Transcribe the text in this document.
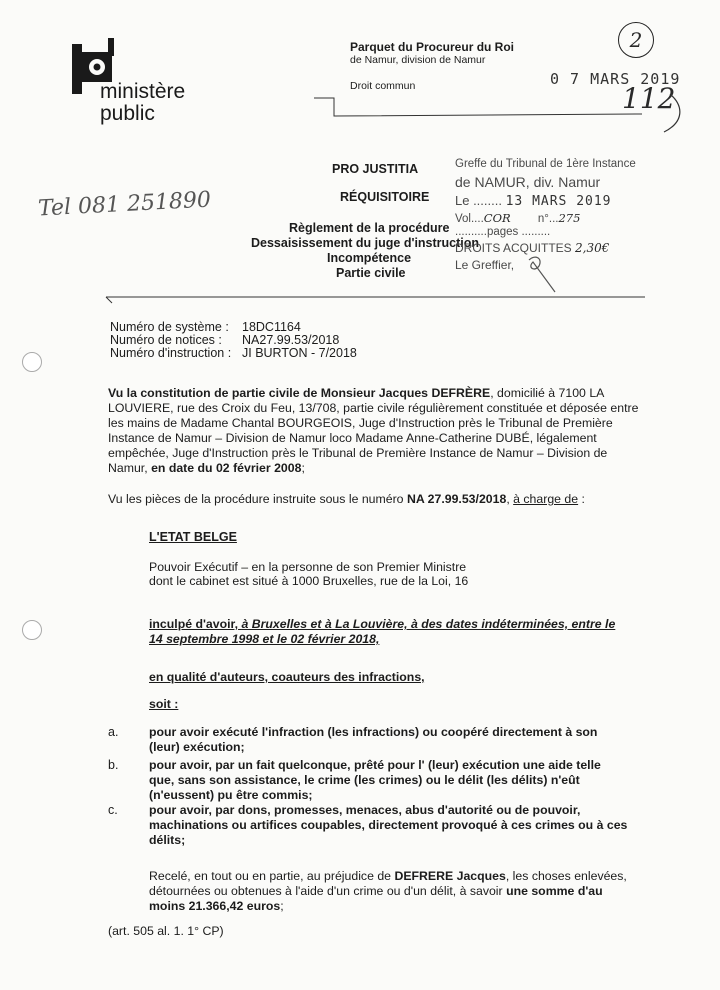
ministère
public
Parquet du Procureur du Roi
de Namur, division de Namur
Droit commun	0 7 MARS 2019
2
112
Tel 081 251890
PRO JUSTITIA
RÉQUISITOIRE
Règlement de la procédure
Dessaisissement du juge d'instruction
Incompétence
Partie civile
Greffe du Tribunal de 1ère Instance
de NAMUR, div. Namur
Le ........ 13 MARS 2019
Vol....COR n°...275
..........pages .........
DROITS ACQUITTES 2,30€
Le Greffier,
Numéro de système : 18DC1164
Numéro de notices : NA27.99.53/2018
Numéro d'instruction : JI BURTON - 7/2018
Vu la constitution de partie civile de Monsieur Jacques DEFRÈRE, domicilié à 7100 LA LOUVIERE, rue des Croix du Feu, 13/708, partie civile régulièrement constituée et déposée entre les mains de Madame Chantal BOURGEOIS, Juge d'Instruction près le Tribunal de Première Instance de Namur – Division de Namur loco Madame Anne-Catherine DUBÉ, légalement empêchée, Juge d'Instruction près le Tribunal de Première Instance de Namur – Division de Namur, en date du 02 février 2008;
Vu les pièces de la procédure instruite sous le numéro NA 27.99.53/2018, à charge de :
L'ETAT BELGE
Pouvoir Exécutif – en la personne de son Premier Ministre
dont le cabinet est situé à 1000 Bruxelles, rue de la Loi, 16
inculpé d'avoir, à Bruxelles et à La Louvière, à des dates indéterminées, entre le 14 septembre 1998 et le 02 février 2018,
en qualité d'auteurs, coauteurs des infractions,
soit :
a. pour avoir exécuté l'infraction (les infractions) ou coopéré directement à son (leur) exécution;
b. pour avoir, par un fait quelconque, prêté pour l' (leur) exécution une aide telle que, sans son assistance, le crime (les crimes) ou le délit (les délits) n'eût (n'eussent) pu être commis;
c.	pour avoir, par dons, promesses, menaces, abus d'autorité ou de pouvoir, machinations ou artifices coupables, directement provoqué à ces crimes ou à ces délits;
Recelé, en tout ou en partie, au préjudice de DEFRERE Jacques, les choses enlevées, détournées ou obtenues à l'aide d'un crime ou d'un délit, à savoir une somme d'au moins 21.366,42 euros;
(art. 505 al. 1. 1° CP)
